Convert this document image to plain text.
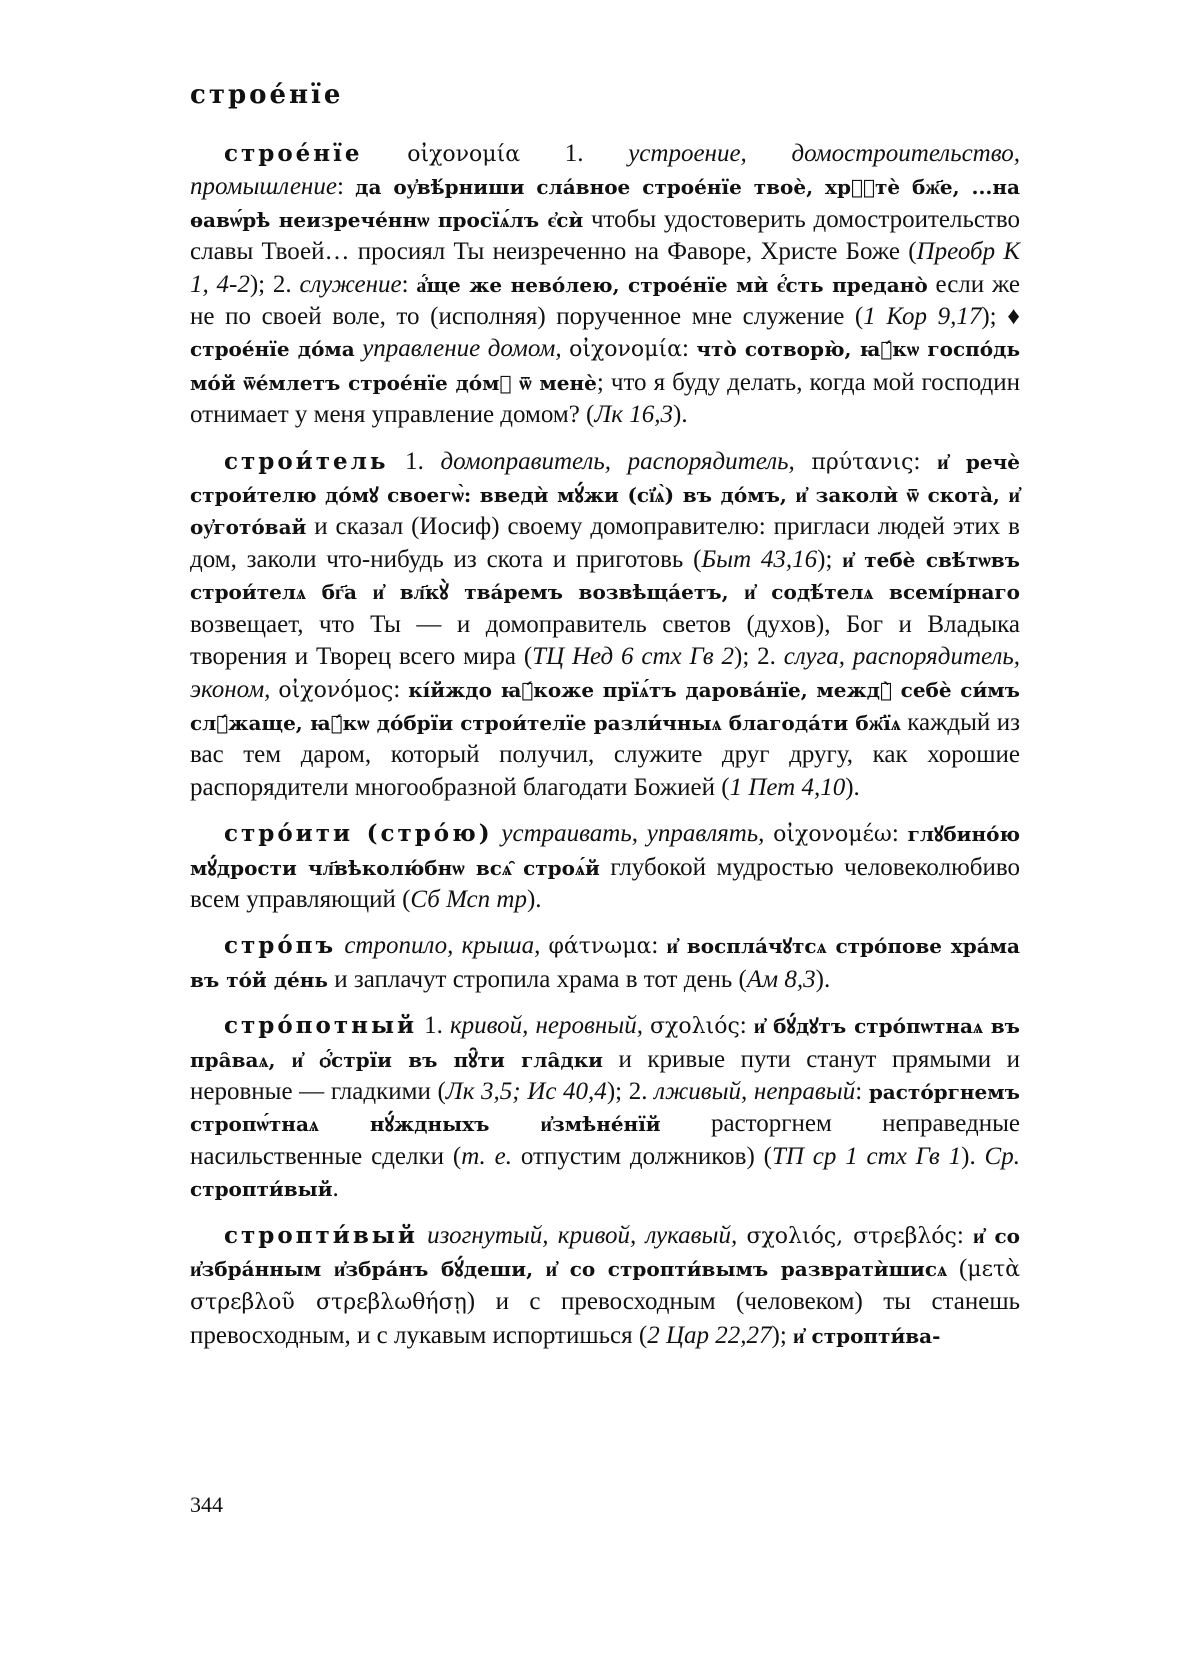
строе́нїе

строе́нїе οἰχονομία 1. устроение, домостроительство, промышление: да оу҆вѣ́рниши сла́вное строе́нїе твоѐ, хрⷭ҇тѐ бж҃е, ...на ѳавѡ́рѣ неизрече́ннѡ просїѧ́лъ є҆сѝ чтобы удостоверить домостроительство славы Твоей… просиял Ты неизреченно на Фаворе, Христе Боже (Преобр К 1, 4-2); 2. служение: а҆́ще же нево́лею, строе́нїе мѝ є҆́сть предано̀ если же не по своей воле, то (исполняя) порученное мне служение (1 Кор 9,17); ♦ строе́нїе до́ма управление домом, οἰχονομία: что̀ сотворю̀, ꙗ҆́кѡ госпо́дь мо́й ѿе́млетъ строе́нїе до́мꙋ ѿ менѐ; что я буду делать, когда мой господин отнимает у меня управление домом? (Лк 16,3).

строи́тель 1. домоправитель, распорядитель, πρύτανις: и҆ речѐ строи́телю до́мꙋ своегѡ̀: введѝ мꙋ́жи (сї҆ѧ̀) въ до́мъ, и҆ заколѝ ѿ скота̀, и҆ оу҆гото́вай и сказал (Иосиф) своему домоправителю: пригласи людей этих в дом, заколи что-нибудь из скота и приготовь (Быт 43,16); и҆ тебѐ свѣ́тѡвъ строи́телѧ бг҃а и҆ вл҃кꙋ̀ тва́ремъ возвѣща́етъ, и҆ содѣ́телѧ всемі́рнаго возвещает, что Ты — и домоправитель светов (духов), Бог и Владыка творения и Творец всего мира (ТЦ Нед 6 стх Гв 2); 2. слуга, распорядитель, эконом, οἰχονόμος: кі́йждо ꙗ҆́коже прїѧ́тъ дарова́нїе, междꙋ̀ себѐ си́мъ слꙋ́жаще, ꙗ҆́кѡ до́брїи строи́телїе разли́чныѧ благода́ти бж҃їѧ каждый из вас тем даром, который получил, служите друг другу, как хорошие распорядители многообразной благодати Божией (1 Пет 4,10).

стро́ити (стро́ю) устраивать, управлять, οἰχονομέω: глꙋбино́ю мꙋ́дрости чл҃вѣколю́бнѡ всѧ̑ строѧ́й глубокой мудростью человеколюбиво всем управляющий (Сб Мсп тр).

стро́пъ стропило, крыша, φάτνωμα: и҆ воспла́чꙋтсѧ стро́пове хра́ма въ то́й де́нь и заплачут стропила храма в тот день (Ам 8,3).

стро́потный 1. кривой, неровный, σχολιός: и҆ бꙋ́дꙋтъ стро́пѡтнаѧ въ пра̑ваѧ, и҆ ѻ҆́стрїи въ пꙋ̑ти гла̑дки и кривые пути станут прямыми и неровные — гладкими (Лк 3,5; Ис 40,4); 2. лживый, неправый: расто́ргнемъ стропѡ́тнаѧ нꙋ́ждныхъ и҆змѣне́нїй расторгнем неправедные насильственные сделки (т. е. отпустим должников) (ТП ср 1 стх Гв 1). Ср. стропти́вый.

стропти́вый изогнутый, кривой, лукавый, σχολιός, στρεβλός: и҆ со и҆збра́нным и҆збра́нъ бꙋ́деши, и҆ со стропти́вымъ развратѝшисѧ (μετὰ στρεβλοῦ στρεβλωθήσῃ) и с превосходным (человеком) ты станешь превосходным, и с лукавым испортишься (2 Цар 22,27); и҆ стропти́ва-

344
